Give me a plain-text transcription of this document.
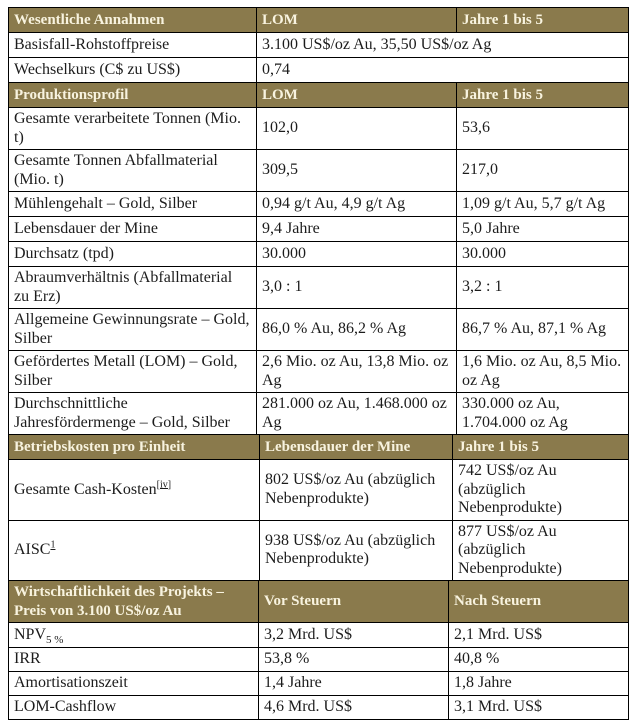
Wesentliche Annahmen	LOM	Jahre 1 bis 5
Basisfall-Rohstoffpreise	3.100 US$/oz Au, 35,50 US$/oz Ag	
Wechselkurs (C$ zu US$)	0,74	
Produktionsprofil	LOM	Jahre 1 bis 5
Gesamte verarbeitete Tonnen (Mio. t)	102,0	53,6
Gesamte Tonnen Abfallmaterial (Mio. t)	309,5	217,0
Mühlengehalt – Gold, Silber	0,94 g/t Au, 4,9 g/t Ag	1,09 g/t Au, 5,7 g/t Ag
Lebensdauer der Mine	9,4 Jahre	5,0 Jahre
Durchsatz (tpd)	30.000	30.000
Abraumverhältnis (Abfallmaterial zu Erz)	3,0 : 1	3,2 : 1
Allgemeine Gewinnungsrate – Gold, Silber	86,0 % Au, 86,2 % Ag	86,7 % Au, 87,1 % Ag
Gefördertes Metall (LOM) – Gold, Silber	2,6 Mio. oz Au, 13,8 Mio. oz Ag	1,6 Mio. oz Au, 8,5 Mio. oz Ag
Durchschnittliche Jahresfördermenge – Gold, Silber	281.000 oz Au, 1.468.000 oz Ag	330.000 oz Au, 1.704.000 oz Ag
Betriebskosten pro Einheit	Lebensdauer der Mine	Jahre 1 bis 5
Gesamte Cash-Kosten[iv]	802 US$/oz Au (abzüglich Nebenprodukte)	742 US$/oz Au (abzüglich Nebenprodukte)
AISC$^1$	938 US$/oz Au (abzüglich Nebenprodukte)	877 US$/oz Au (abzüglich Nebenprodukte)
Wirtschaftlichkeit des Projekts – Preis von 3.100 US$/oz Au	Vor Steuern	Nach Steuern
$NPV_{5 \%}$	3,2 Mrd. US$	2,1 Mrd. US$
IRR	53,8 %	40,8 %
Amortisationszeit	1,4 Jahre	1,8 Jahre
LOM-Cashflow	4,6 Mrd. US$	3,1 Mrd. US$
